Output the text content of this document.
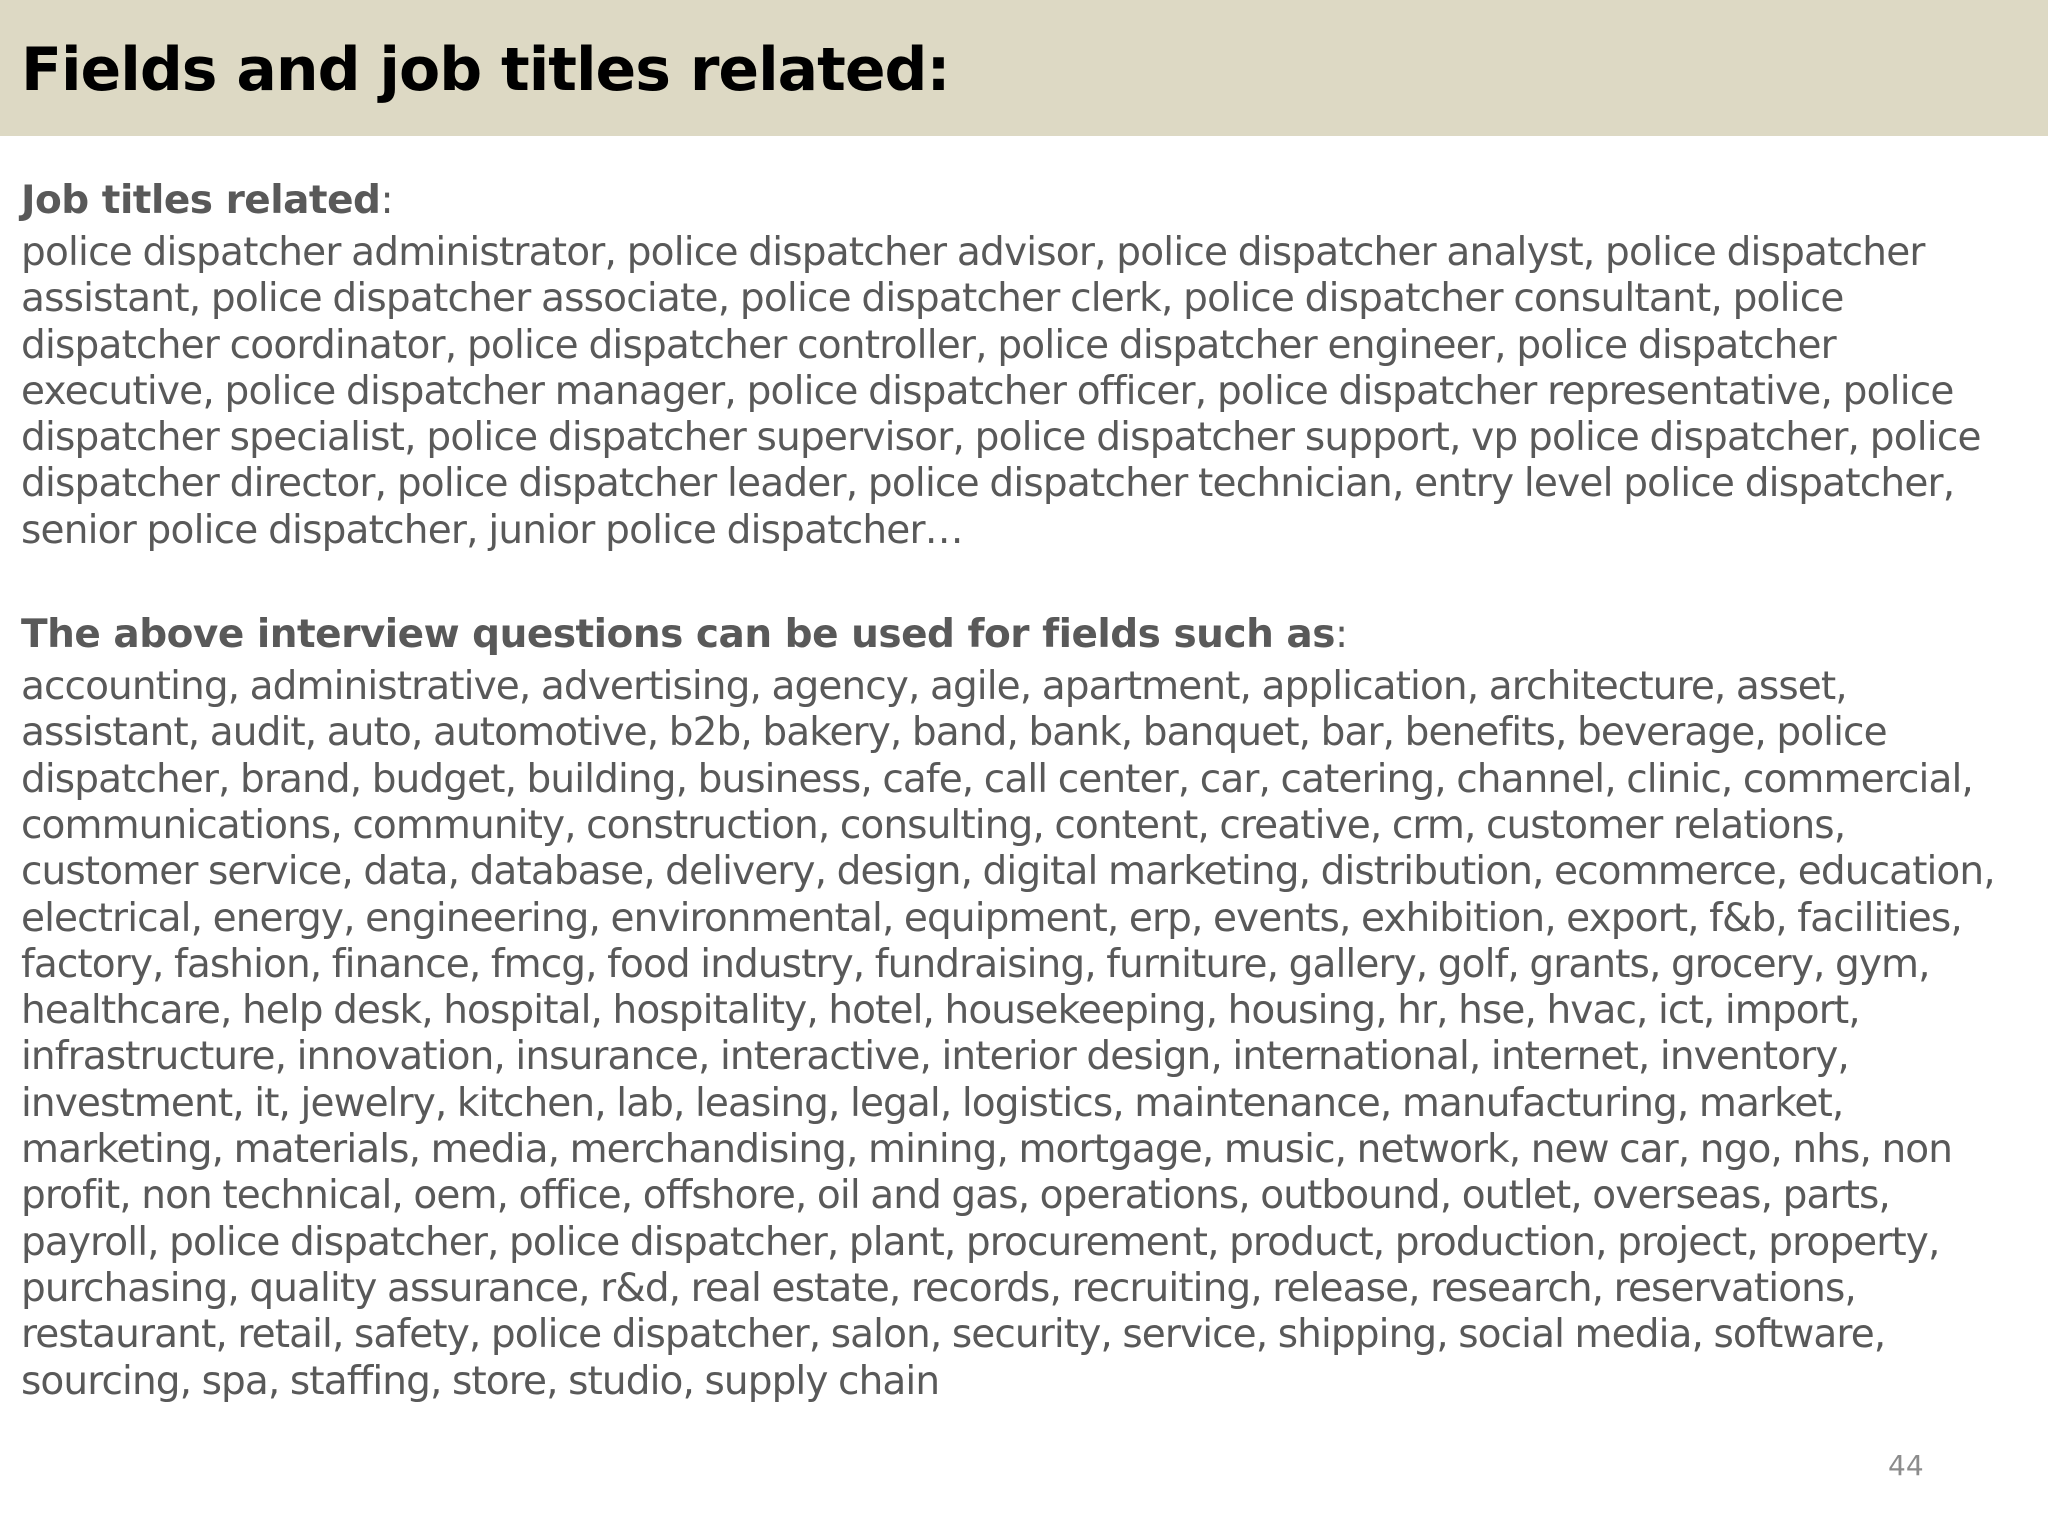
Fields and job titles related:

Job titles related:

police dispatcher administrator, police dispatcher advisor, police dispatcher analyst, police dispatcher assistant, police dispatcher associate, police dispatcher clerk, police dispatcher consultant, police dispatcher coordinator, police dispatcher controller, police dispatcher engineer, police dispatcher executive, police dispatcher manager, police dispatcher officer, police dispatcher representative, police dispatcher specialist, police dispatcher supervisor, police dispatcher support, vp police dispatcher, police dispatcher director, police dispatcher leader, police dispatcher technician, entry level police dispatcher, senior police dispatcher, junior police dispatcher…

The above interview questions can be used for fields such as:

accounting, administrative, advertising, agency, agile, apartment, application, architecture, asset, assistant, audit, auto, automotive, b2b, bakery, band, bank, banquet, bar, benefits, beverage, police dispatcher, brand, budget, building, business, cafe, call center, car, catering, channel, clinic, commercial, communications, community, construction, consulting, content, creative, crm, customer relations, customer service, data, database, delivery, design, digital marketing, distribution, ecommerce, education, electrical, energy, engineering, environmental, equipment, erp, events, exhibition, export, f&b, facilities, factory, fashion, finance, fmcg, food industry, fundraising, furniture, gallery, golf, grants, grocery, gym, healthcare, help desk, hospital, hospitality, hotel, housekeeping, housing, hr, hse, hvac, ict, import, infrastructure, innovation, insurance, interactive, interior design, international, internet, inventory, investment, it, jewelry, kitchen, lab, leasing, legal, logistics, maintenance, manufacturing, market, marketing, materials, media, merchandising, mining, mortgage, music, network, new car, ngo, nhs, non profit, non technical, oem, office, offshore, oil and gas, operations, outbound, outlet, overseas, parts, payroll, police dispatcher, police dispatcher, plant, procurement, product, production, project, property, purchasing, quality assurance, r&d, real estate, records, recruiting, release, research, reservations, restaurant, retail, safety, police dispatcher, salon, security, service, shipping, social media, software, sourcing, spa, staffing, store, studio, supply chain

44
